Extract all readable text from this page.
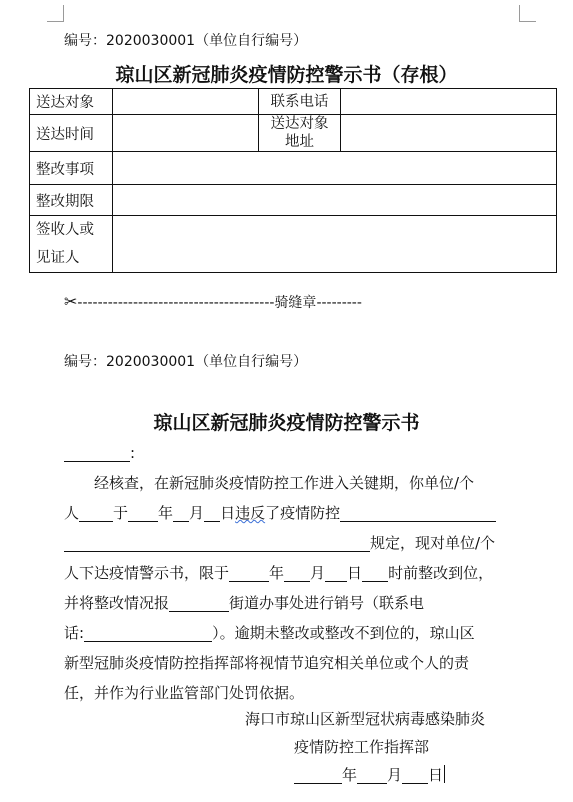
编号：2020030001（单位自行编号）
琼山区新冠肺炎疫情防控警示书（存根）
送达对象		联系电话	
送达时间		送达对象
地址	

整改事项			
整改期限			

签收人或
见证人			

✂---------------------------------------骑缝章---------
编号：2020030001（单位自行编号）
琼山区新冠肺炎疫情防控警示书
:
经核查，在新冠肺炎疫情防控工作进入关键期，你单位/个
人 于 年 月 日违反了疫情防控
规定，现对单位/个
人下达疫情警示书，限于	年 月 日 时前整改到位，
并将整改情况报	街道办事处进行销号（联系电
话:	）。逾期未整改或整改不到位的，琼山区
新型冠肺炎疫情防控指挥部将视情节追究相关单位或个人的责
任，并作为行业监管部门处罚依据。
海口市琼山区新型冠状病毒感染肺炎
疫情防控工作指挥部
年 月 日
